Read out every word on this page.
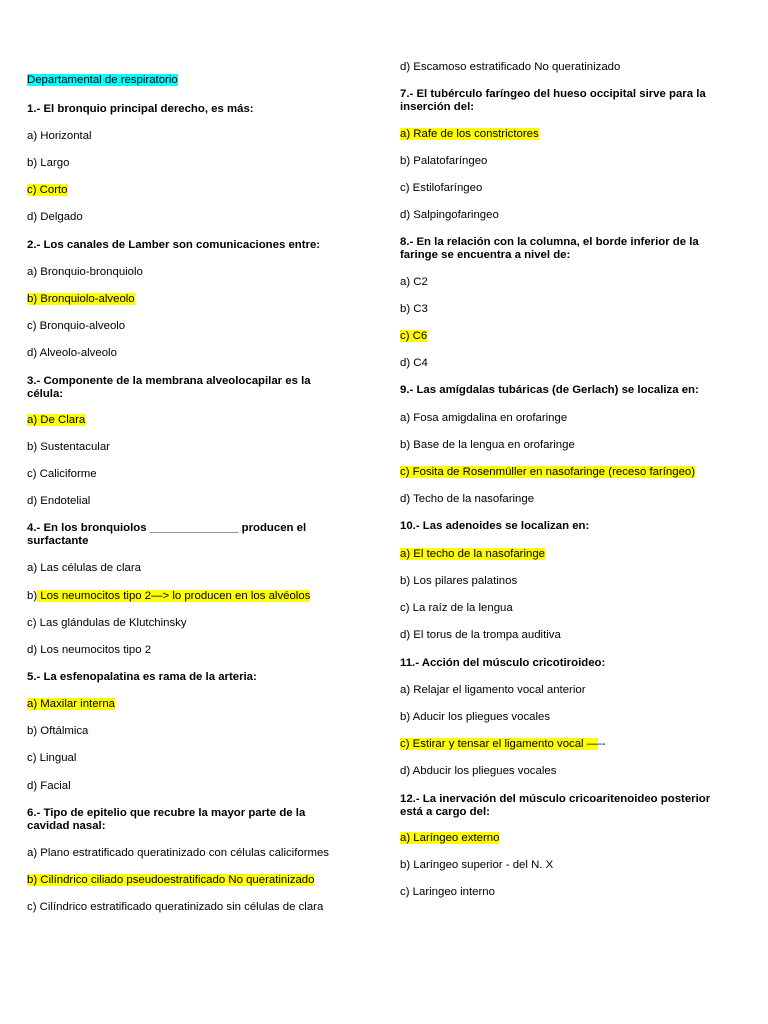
Departamental de respiratorio
1.- El bronquio principal derecho, es más:
a) Horizontal
b) Largo
c) Corto
d) Delgado
2.- Los canales de Lamber son comunicaciones entre:
a) Bronquio-bronquiolo
b) Bronquiolo-alveolo
c) Bronquio-alveolo
d) Alveolo-alveolo
3.- Componente de la membrana alveolocapilar es la célula:
a) De Clara
b) Sustentacular
c) Caliciforme
d) Endotelial
4.- En los bronquiolos ______________ producen el surfactante
a) Las células de clara
b) Los neumocitos tipo 2—> lo producen en los alvéolos
c) Las glándulas de Klutchinsky
d) Los neumocitos tipo 2
5.- La esfenopalatina es rama de la arteria:
a) Maxilar interna
b) Oftálmica
c) Lingual
d) Facial
6.- Tipo de epitelio que recubre la mayor parte de la cavidad nasal:
a) Plano estratificado queratinizado con células caliciformes
b) Cilíndrico ciliado pseudoestratificado No queratinizado
c) Cilíndrico estratificado queratinizado sin células de clara
d) Escamoso estratificado No queratinizado
7.- El tubérculo faríngeo del hueso occipital sirve para la inserción del:
a) Rafe de los constrictores
b) Palatofaríngeo
c) Estilofaríngeo
d) Salpingofaringeo
8.- En la relación con la columna, el borde inferior de la faringe se encuentra a nivel de:
a) C2
b) C3
c) C6
d) C4
9.- Las amígdalas tubáricas (de Gerlach) se localiza en:
a) Fosa amigdalina en orofaringe
b) Base de la lengua en orofaringe
c) Fosita de Rosenmüller en nasofaringe (receso faríngeo)
d) Techo de la nasofaringe
10.- Las adenoides se localizan en:
a) El techo de la nasofaringe
b) Los pilares palatinos
c) La raíz de la lengua
d) El torus de la trompa auditiva
11.- Acción del músculo cricotiroideo:
a) Relajar el ligamento vocal anterior
b) Aducir los pliegues vocales
c) Estirar y tensar el ligamento vocal —--
d) Abducir los pliegues vocales
12.- La inervación del músculo cricoaritenoideo posterior está a cargo del:
a) Laríngeo externo
b) Laríngeo superior - del N. X
c) Laringeo interno
